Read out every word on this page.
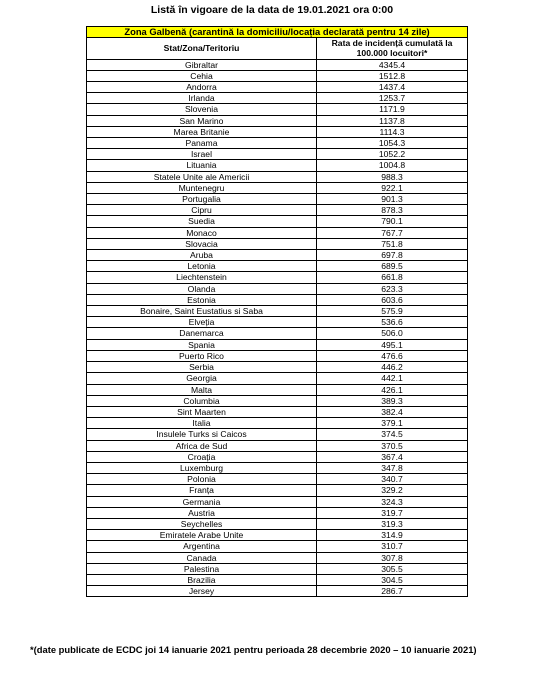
Listă în vigoare de la data de 19.01.2021 ora 0:00
Zona Galbenă (carantină la domiciliu/locația declarată pentru 14 zile)	
Stat/Zona/Teritoriu	Rata de incidență cumulată la 100.000 locuitori*
Gibraltar	4345.4
Cehia	1512.8
Andorra	1437.4
Irlanda	1253.7
Slovenia	1171.9
San Marino	1137.8
Marea Britanie	1114.3
Panama	1054.3
Israel	1052.2
Lituania	1004.8
Statele Unite ale Americii	988.3
Muntenegru	922.1
Portugalia	901.3
Cipru	878.3
Suedia	790.1
Monaco	767.7
Slovacia	751.8
Aruba	697.8
Letonia	689.5
Liechtenstein	661.8
Olanda	623.3
Estonia	603.6
Bonaire, Saint Eustatius si Saba	575.9
Elveția	536.6
Danemarca	506.0
Spania	495.1
Puerto Rico	476.6
Serbia	446.2
Georgia	442.1
Malta	426.1
Columbia	389.3
Sint Maarten	382.4
Italia	379.1
Insulele Turks si Caicos	374.5
Africa de Sud	370.5
Croația	367.4
Luxemburg	347.8
Polonia	340.7
Franța	329.2
Germania	324.3
Austria	319.7
Seychelles	319.3
Emiratele Arabe Unite	314.9
Argentina	310.7
Canada	307.8
Palestina	305.5
Brazilia	304.5
Jersey	286.7
*(date publicate de ECDC joi 14 ianuarie 2021 pentru perioada 28 decembrie 2020 – 10 ianuarie 2021)
